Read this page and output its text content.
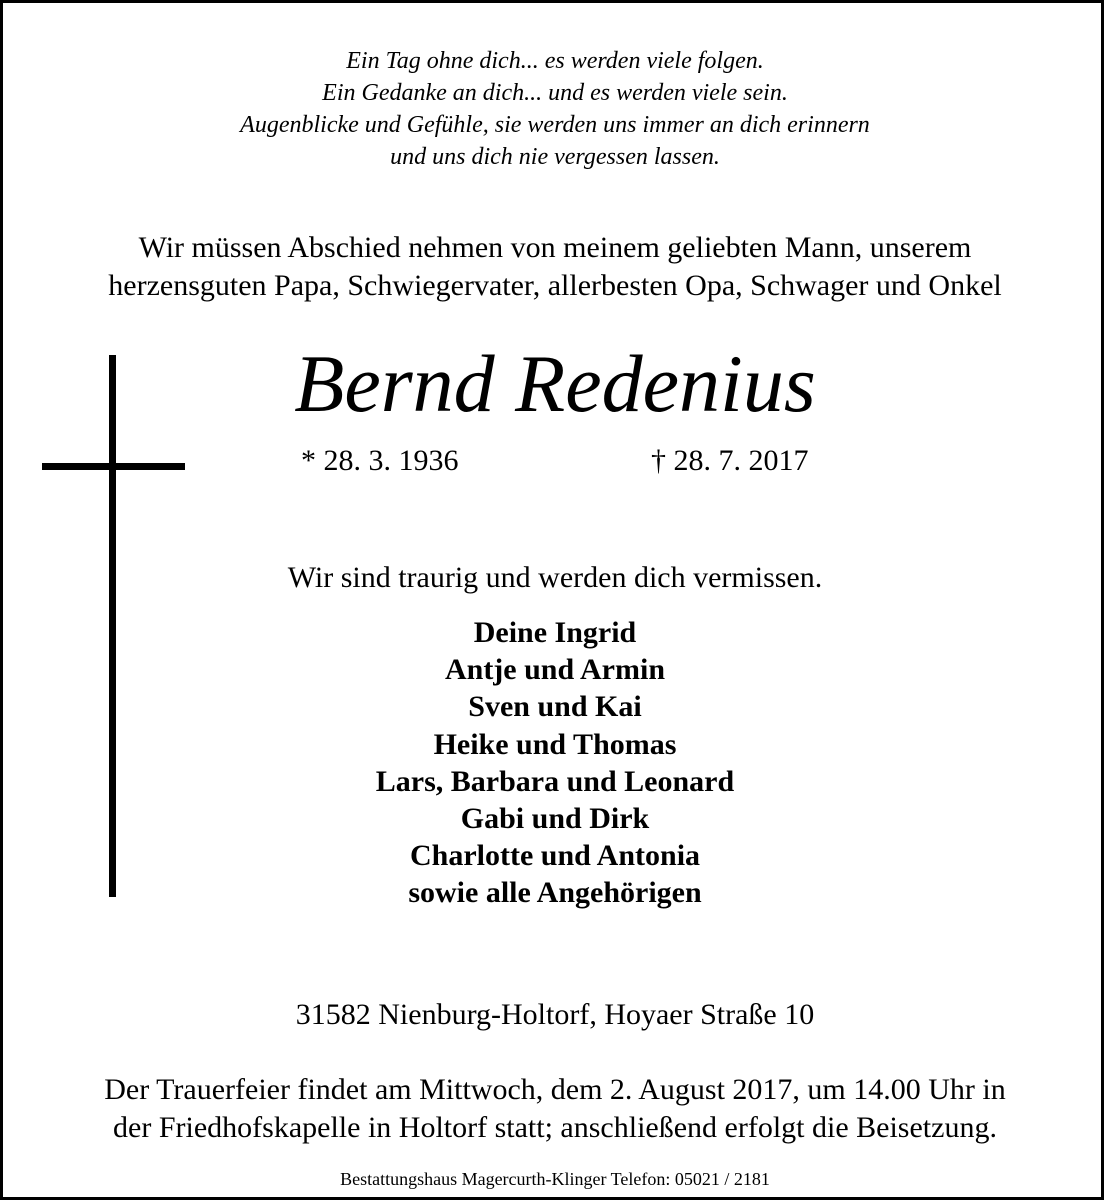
Ein Tag ohne dich... es werden viele folgen.
Ein Gedanke an dich... und es werden viele sein.
Augenblicke und Gefühle, sie werden uns immer an dich erinnern
und uns dich nie vergessen lassen.
Wir müssen Abschied nehmen von meinem geliebten Mann, unserem
herzensguten Papa, Schwiegervater, allerbesten Opa, Schwager und Onkel
Bernd Redenius
* 28. 3. 1936	† 28. 7. 2017
Wir sind traurig und werden dich vermissen.
Deine Ingrid
Antje und Armin
Sven und Kai
Heike und Thomas
Lars, Barbara und Leonard
Gabi und Dirk
Charlotte und Antonia
sowie alle Angehörigen
31582 Nienburg-Holtorf, Hoyaer Straße 10
Der Trauerfeier findet am Mittwoch, dem 2. August 2017, um 14.00 Uhr in
der Friedhofskapelle in Holtorf statt; anschließend erfolgt die Beisetzung.
Bestattungshaus Magercurth-Klinger Telefon: 05021 / 2181
